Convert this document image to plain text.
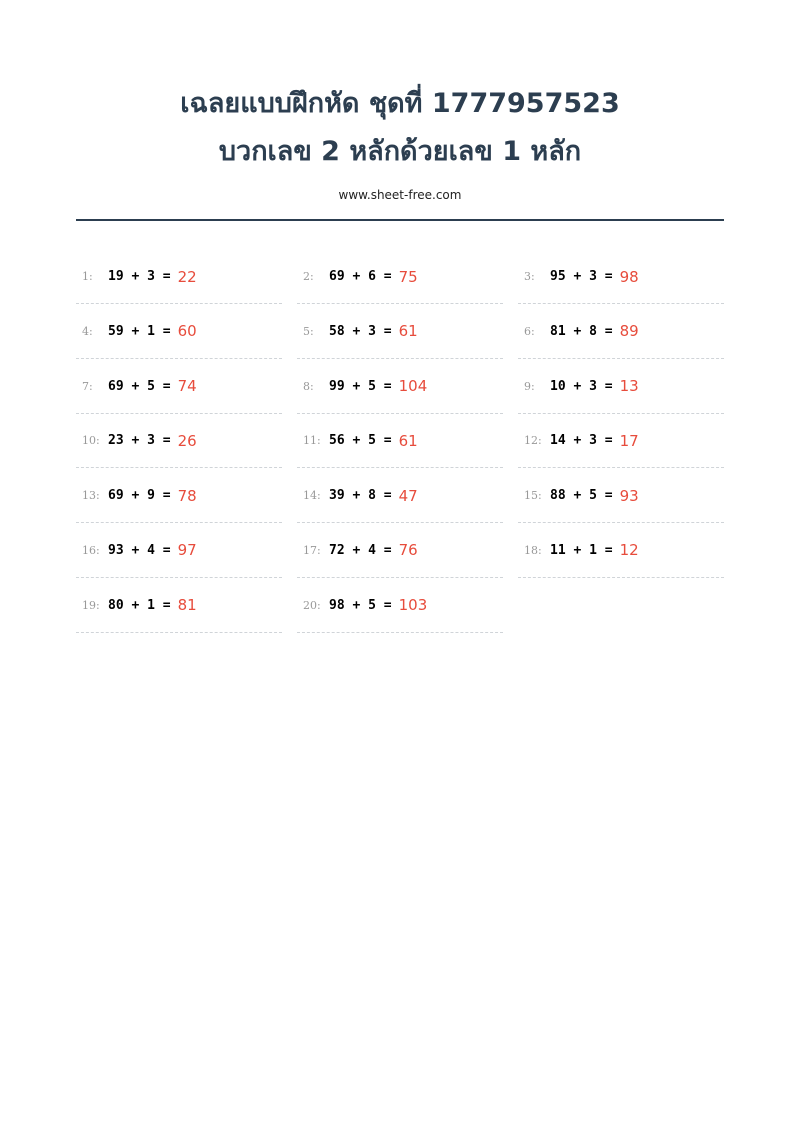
เฉลยแบบฝึกหัด ชุดที่ 1777957523
บวกเลข 2 หลักด้วยเลข 1 หลัก
www.sheet-free.com
1:	19 + 3 = 22	2:	69 + 6 = 75	3:	95 + 3 = 98
4:	59 + 1 = 60	5:	58 + 3 = 61	6:	81 + 8 = 89
7:	69 + 5 = 74	8:	99 + 5 = 104	9:	10 + 3 = 13
10: 23 + 3 = 26	11: 56 + 5 = 61	12: 14 + 3 = 17
13: 69 + 9 = 78	14: 39 + 8 = 47	15: 88 + 5 = 93
16: 93 + 4 = 97	17: 72 + 4 = 76	18: 11 + 1 = 12
19: 80 + 1 = 81	20: 98 + 5 = 103
